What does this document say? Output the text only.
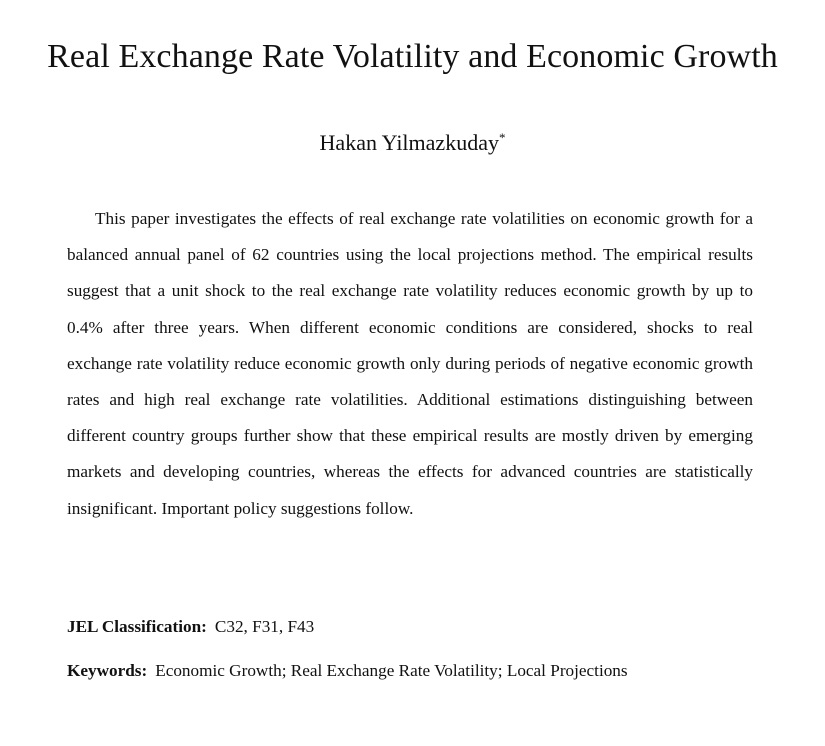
Real Exchange Rate Volatility and Economic Growth
Hakan Yilmazkuday*

This paper investigates the effects of real exchange rate volatilities on economic growth for a balanced annual panel of 62 countries using the local projections method. The empirical results suggest that a unit shock to the real exchange rate volatility reduces economic growth by up to 0.4% after three years. When different economic conditions are considered, shocks to real exchange rate volatility reduce economic growth only during periods of negative economic growth rates and high real exchange rate volatilities. Additional estimations distinguishing between different country groups further show that these empirical results are mostly driven by emerging markets and developing countries, whereas the effects for advanced countries are statistically insignificant. Important policy suggestions follow.

JEL Classification: C32, F31, F43
Keywords: Economic Growth; Real Exchange Rate Volatility; Local Projections
